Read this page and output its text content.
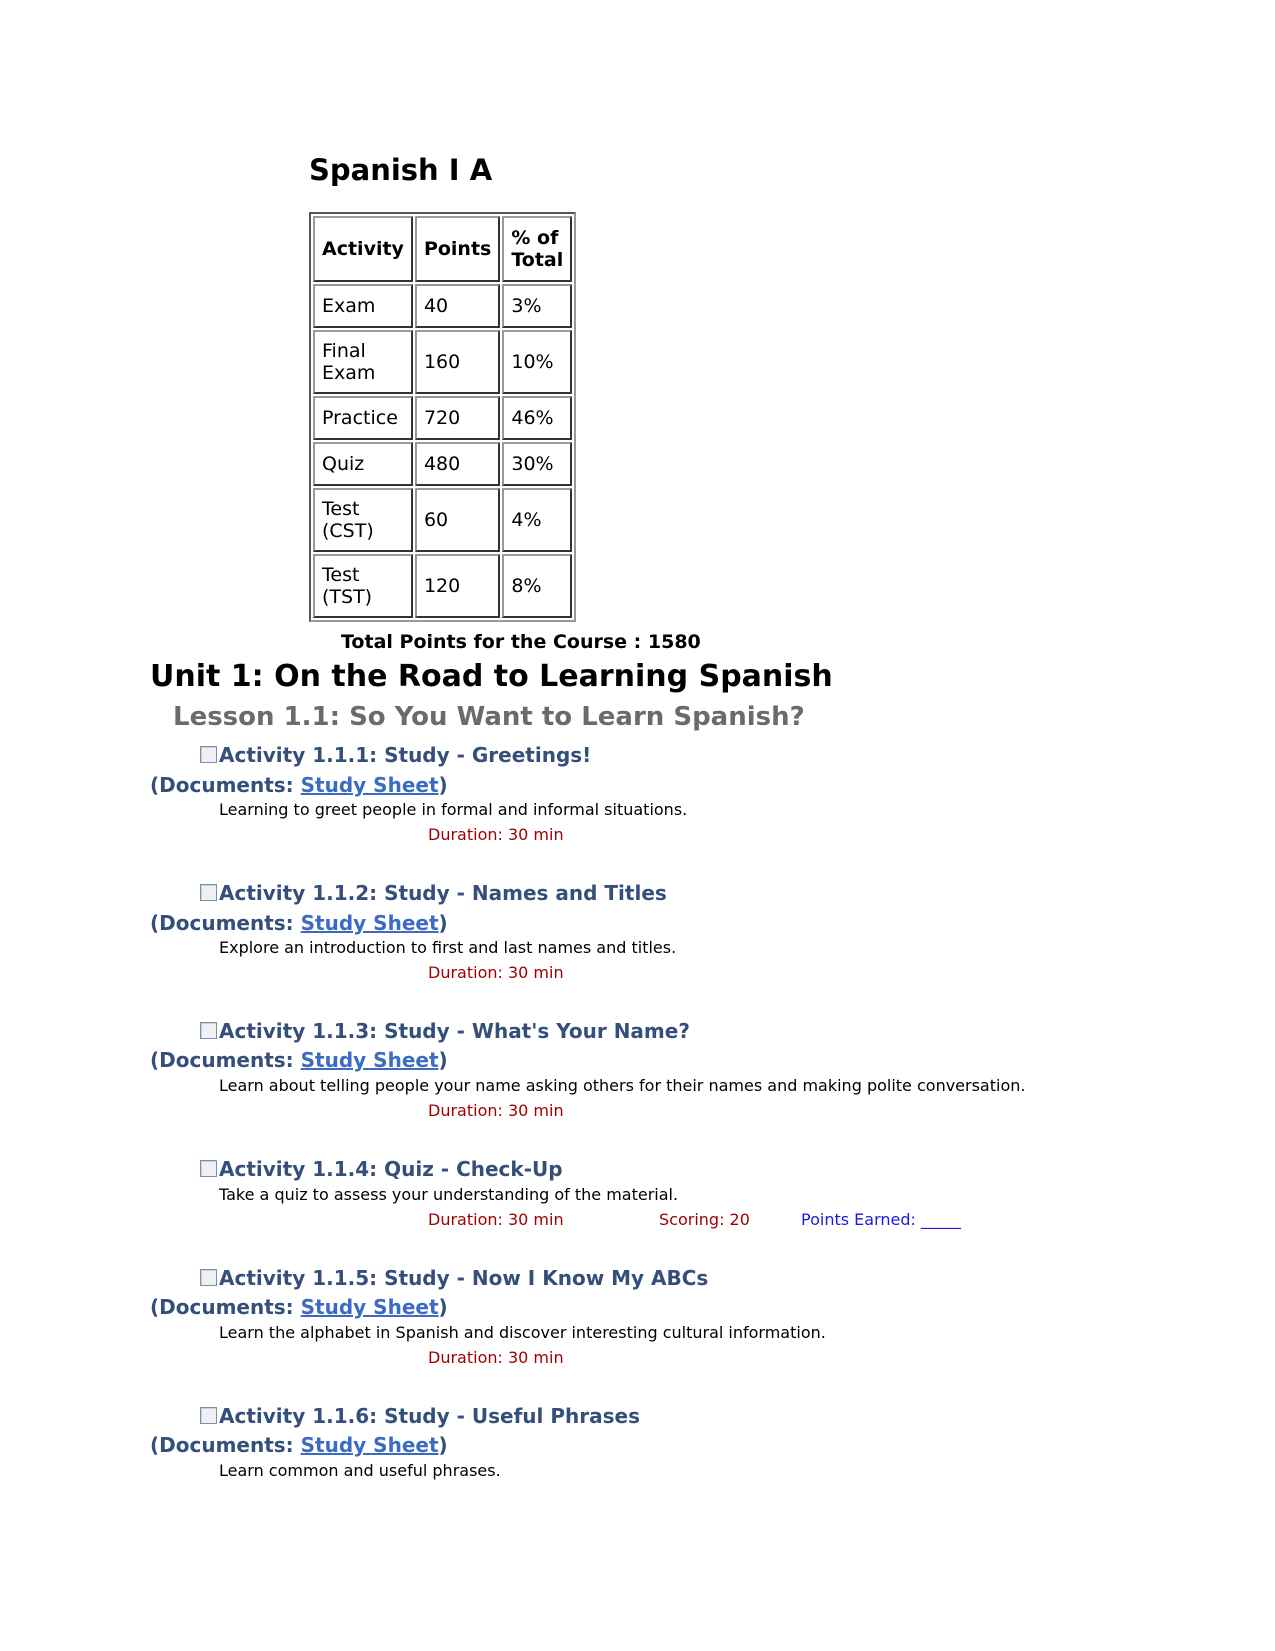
Spanish I A
Activity	Points	% of Total
Exam	40	3%
Final Exam	160	10%
Practice	720	46%
Quiz	480	30%
Test (CST)	60	4%
Test (TST)	120	8%
Total Points for the Course : 1580
Unit 1: On the Road to Learning Spanish
Lesson 1.1: So You Want to Learn Spanish?
Activity 1.1.1: Study - Greetings!
(Documents: Study Sheet)
Learning to greet people in formal and informal situations.
Duration: 30 min
Activity 1.1.2: Study - Names and Titles
(Documents: Study Sheet)
Explore an introduction to first and last names and titles.
Duration: 30 min
Activity 1.1.3: Study - What's Your Name?
(Documents: Study Sheet)
Learn about telling people your name asking others for their names and making polite conversation.
Duration: 30 min
Activity 1.1.4: Quiz - Check-Up
Take a quiz to assess your understanding of the material.
Duration: 30 min	Scoring: 20	Points Earned: _____
Activity 1.1.5: Study - Now I Know My ABCs
(Documents: Study Sheet)
Learn the alphabet in Spanish and discover interesting cultural information.
Duration: 30 min
Activity 1.1.6: Study - Useful Phrases
(Documents: Study Sheet)
Learn common and useful phrases.
